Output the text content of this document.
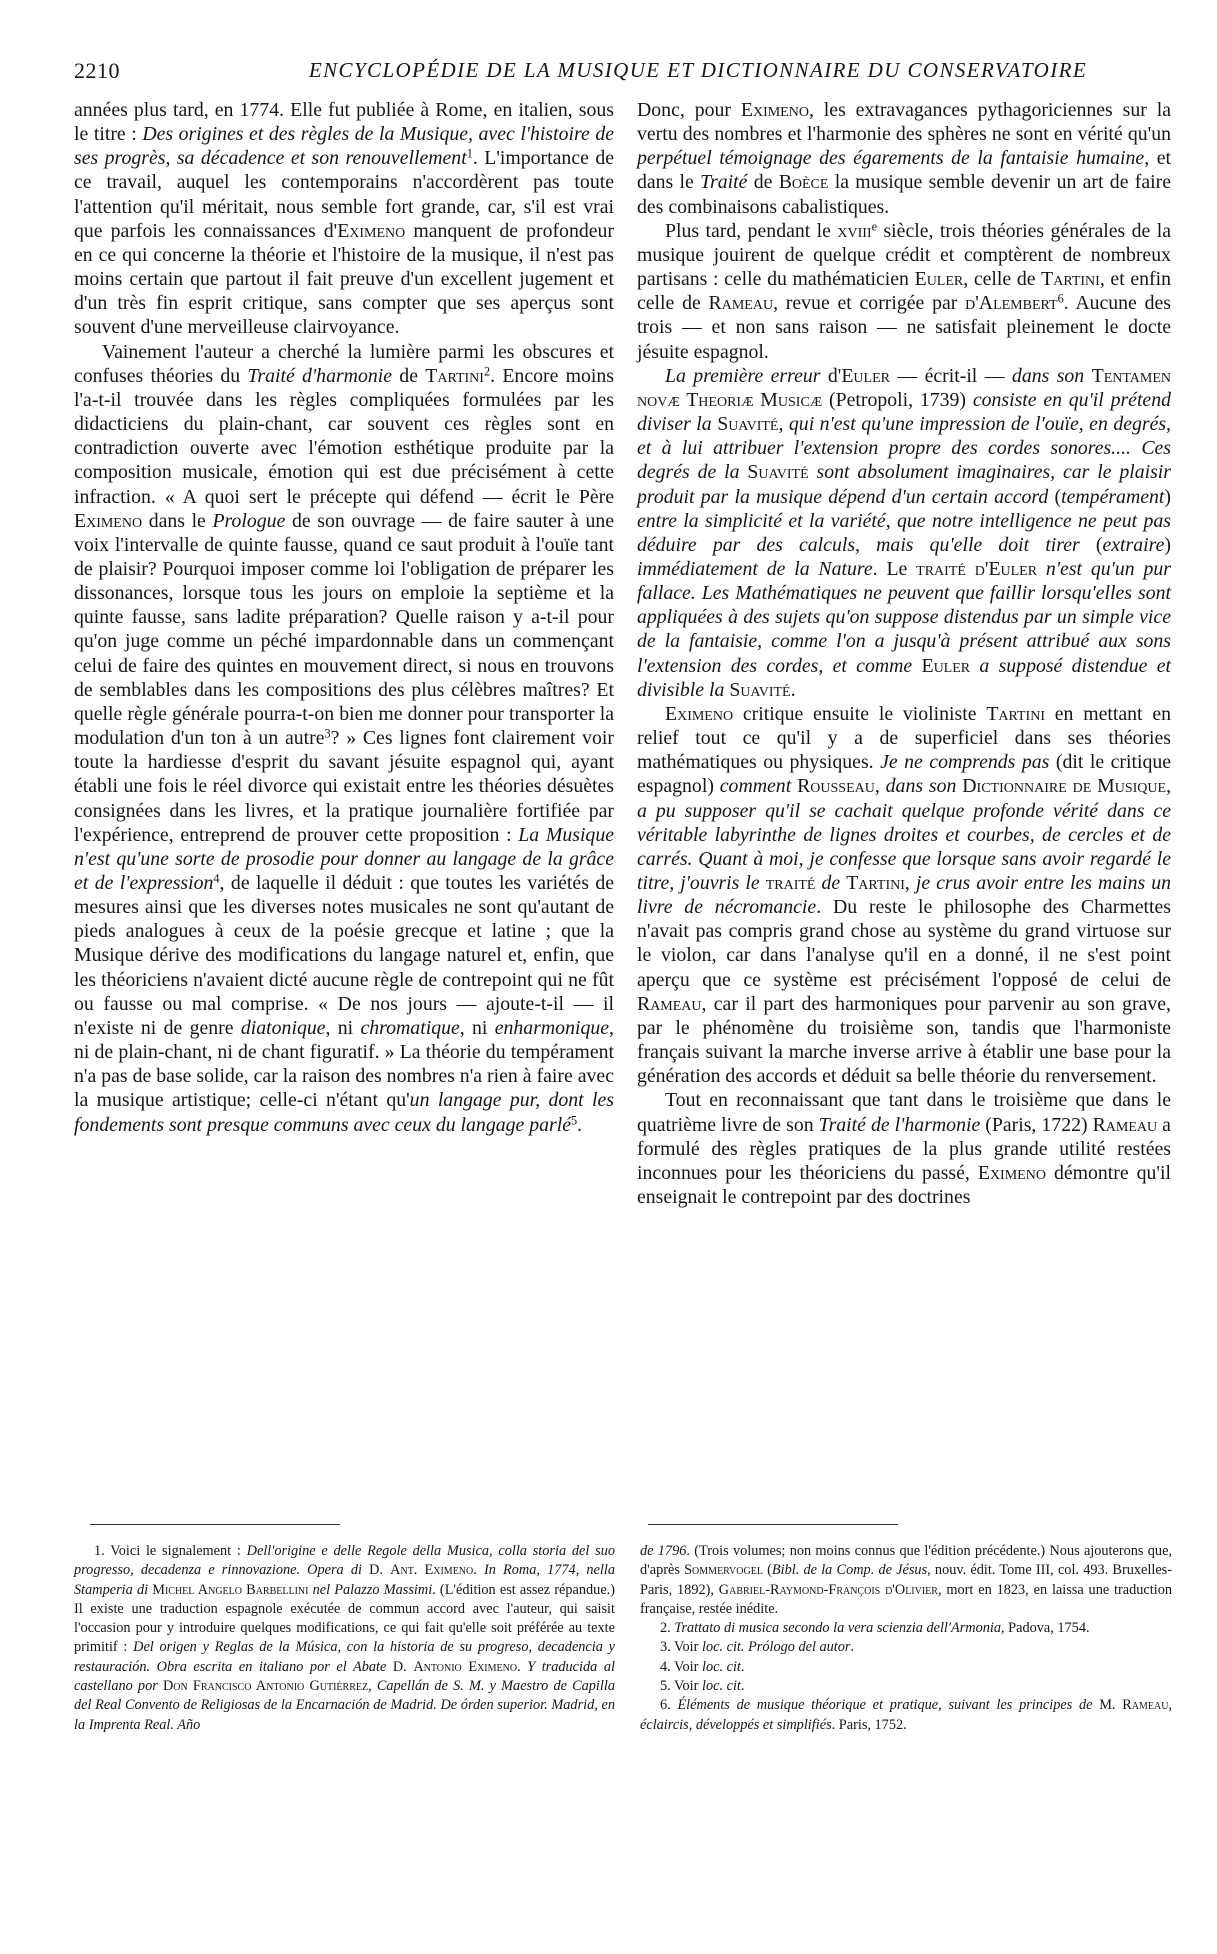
2210	ENCYCLOPÉDIE DE LA MUSIQUE ET DICTIONNAIRE DU CONSERVATOIRE

années plus tard, en 1774. Elle fut publiée à Rome, en italien, sous le titre : Des origines et des règles de la Musique, avec l'histoire de ses progrès, sa décadence et son renouvellement$^1$. L'importance de ce travail, auquel les contemporains n'accordèrent pas toute l'attention qu'il méritait, nous semble fort grande, car, s'il est vrai que parfois les connaissances d'Eximeno manquent de profondeur en ce qui concerne la théorie et l'histoire de la musique, il n'est pas moins certain que partout il fait preuve d'un excellent jugement et d'un très fin esprit critique, sans compter que ses aperçus sont souvent d'une merveilleuse clairvoyance.

Vainement l'auteur a cherché la lumière parmi les obscures et confuses théories du Traité d'harmonie de Tartini$^2$. Encore moins l'a-t-il trouvée dans les règles compliquées formulées par les didacticiens du plain-chant, car souvent ces règles sont en contradiction ouverte avec l'émotion esthétique produite par la composition musicale, émotion qui est due précisément à cette infraction. « A quoi sert le précepte qui défend — écrit le Père Eximeno dans le Prologue de son ouvrage — de faire sauter à une voix l'intervalle de quinte fausse, quand ce saut produit à l'ouïe tant de plaisir? Pourquoi imposer comme loi l'obligation de préparer les dissonances, lorsque tous les jours on emploie la septième et la quinte fausse, sans ladite préparation? Quelle raison y a-t-il pour qu'on juge comme un péché impardonnable dans un commençant celui de faire des quintes en mouvement direct, si nous en trouvons de semblables dans les compositions des plus célèbres maîtres? Et quelle règle générale pourra-t-on bien me donner pour transporter la modulation d'un ton à un autre$^3$? » Ces lignes font clairement voir toute la hardiesse d'esprit du savant jésuite espagnol qui, ayant établi une fois le réel divorce qui existait entre les théories désuètes consignées dans les livres, et la pratique journalière fortifiée par l'expérience, entreprend de prouver cette proposition : La Musique n'est qu'une sorte de prosodie pour donner au langage de la grâce et de l'expression$^4$, de laquelle il déduit : que toutes les variétés de mesures ainsi que les diverses notes musicales ne sont qu'autant de pieds analogues à ceux de la poésie grecque et latine ; que la Musique dérive des modifications du langage naturel et, enfin, que les théoriciens n'avaient dicté aucune règle de contrepoint qui ne fût ou fausse ou mal comprise. « De nos jours — ajoute-t-il — il n'existe ni de genre diatonique, ni chromatique, ni enharmonique, ni de plain-chant, ni de chant figuratif. » La théorie du tempérament n'a pas de base solide, car la raison des nombres n'a rien à faire avec la musique artistique; celle-ci n'étant qu'un langage pur, dont les fondements sont presque communs avec ceux du langage parlé$^5$.

Donc, pour Eximeno, les extravagances pythagoriciennes sur la vertu des nombres et l'harmonie des sphères ne sont en vérité qu'un perpétuel témoignage des égarements de la fantaisie humaine, et dans le Traité de Boèce la musique semble devenir un art de faire des combinaisons cabalistiques.

Plus tard, pendant le xviii$^e$ siècle, trois théories générales de la musique jouirent de quelque crédit et comptèrent de nombreux partisans : celle du mathématicien Euler, celle de Tartini, et enfin celle de Rameau, revue et corrigée par d'Alembert$^6$. Aucune des trois — et non sans raison — ne satisfait pleinement le docte jésuite espagnol.

La première erreur d'Euler — écrit-il — dans son Tentamen novæ Theoriæ Musicæ (Petropoli, 1739) consiste en qu'il prétend diviser la Suavité, qui n'est qu'une impression de l'ouïe, en degrés, et à lui attribuer l'extension propre des cordes sonores.... Ces degrés de la Suavité sont absolument imaginaires, car le plaisir produit par la musique dépend d'un certain accord (tempérament) entre la simplicité et la variété, que notre intelligence ne peut pas déduire par des calculs, mais qu'elle doit tirer (extraire) immédiatement de la Nature. Le traité d'Euler n'est qu'un pur fallace. Les Mathématiques ne peuvent que faillir lorsqu'elles sont appliquées à des sujets qu'on suppose distendus par un simple vice de la fantaisie, comme l'on a jusqu'à présent attribué aux sons l'extension des cordes, et comme Euler a supposé distendue et divisible la Suavité.

Eximeno critique ensuite le violiniste Tartini en mettant en relief tout ce qu'il y a de superficiel dans ses théories mathématiques ou physiques. Je ne comprends pas (dit le critique espagnol) comment Rousseau, dans son Dictionnaire de Musique, a pu supposer qu'il se cachait quelque profonde vérité dans ce véritable labyrinthe de lignes droites et courbes, de cercles et de carrés. Quant à moi, je confesse que lorsque sans avoir regardé le titre, j'ouvris le traité de Tartini, je crus avoir entre les mains un livre de nécromancie. Du reste le philosophe des Charmettes n'avait pas compris grand chose au système du grand virtuose sur le violon, car dans l'analyse qu'il en a donné, il ne s'est point aperçu que ce système est précisément l'opposé de celui de Rameau, car il part des harmoniques pour parvenir au son grave, par le phénomène du troisième son, tandis que l'harmoniste français suivant la marche inverse arrive à établir une base pour la génération des accords et déduit sa belle théorie du renversement.

Tout en reconnaissant que tant dans le troisième que dans le quatrième livre de son Traité de l'harmonie (Paris, 1722) Rameau a formulé des règles pratiques de la plus grande utilité restées inconnues pour les théoriciens du passé, Eximeno démontre qu'il enseignait le contrepoint par des doctrines

1. Voici le signalement : Dell'origine e delle Regole della Musica, colla storia del suo progresso, decadenza e rinnovazione. Opera di D. Ant. Eximeno. In Roma, 1774, nella Stamperia di Michel Angelo Barbellini nel Palazzo Massimi. (L'édition est assez répandue.) Il existe une traduction espagnole exécutée de commun accord avec l'auteur, qui saisit l'occasion pour y introduire quelques modifications, ce qui fait qu'elle soit préférée au texte primitif : Del origen y Reglas de la Música, con la historia de su progreso, decadencia y restauración. Obra escrita en italiano por el Abate D. Antonio Eximeno. Y traducida al castellano por Don Francisco Antonio Gutiérrez, Capellán de S. M. y Maestro de Capilla del Real Convento de Religiosas de la Encarnación de Madrid. De órden superior. Madrid, en la Imprenta Real. Año

de 1796. (Trois volumes; non moins connus que l'édition précédente.) Nous ajouterons que, d'après Sommervogel (Bibl. de la Comp. de Jésus, nouv. édit. Tome III, col. 493. Bruxelles-Paris, 1892), Gabriel-Raymond-François d'Olivier, mort en 1823, en laissa une traduction française, restée inédite.

2. Trattato di musica secondo la vera scienzia dell'Armonia, Padova, 1754.

3. Voir loc. cit. Prólogo del autor.

4. Voir loc. cit.

5. Voir loc. cit.

6. Éléments de musique théorique et pratique, suivant les principes de M. Rameau, éclaircis, développés et simplifiés. Paris, 1752.
